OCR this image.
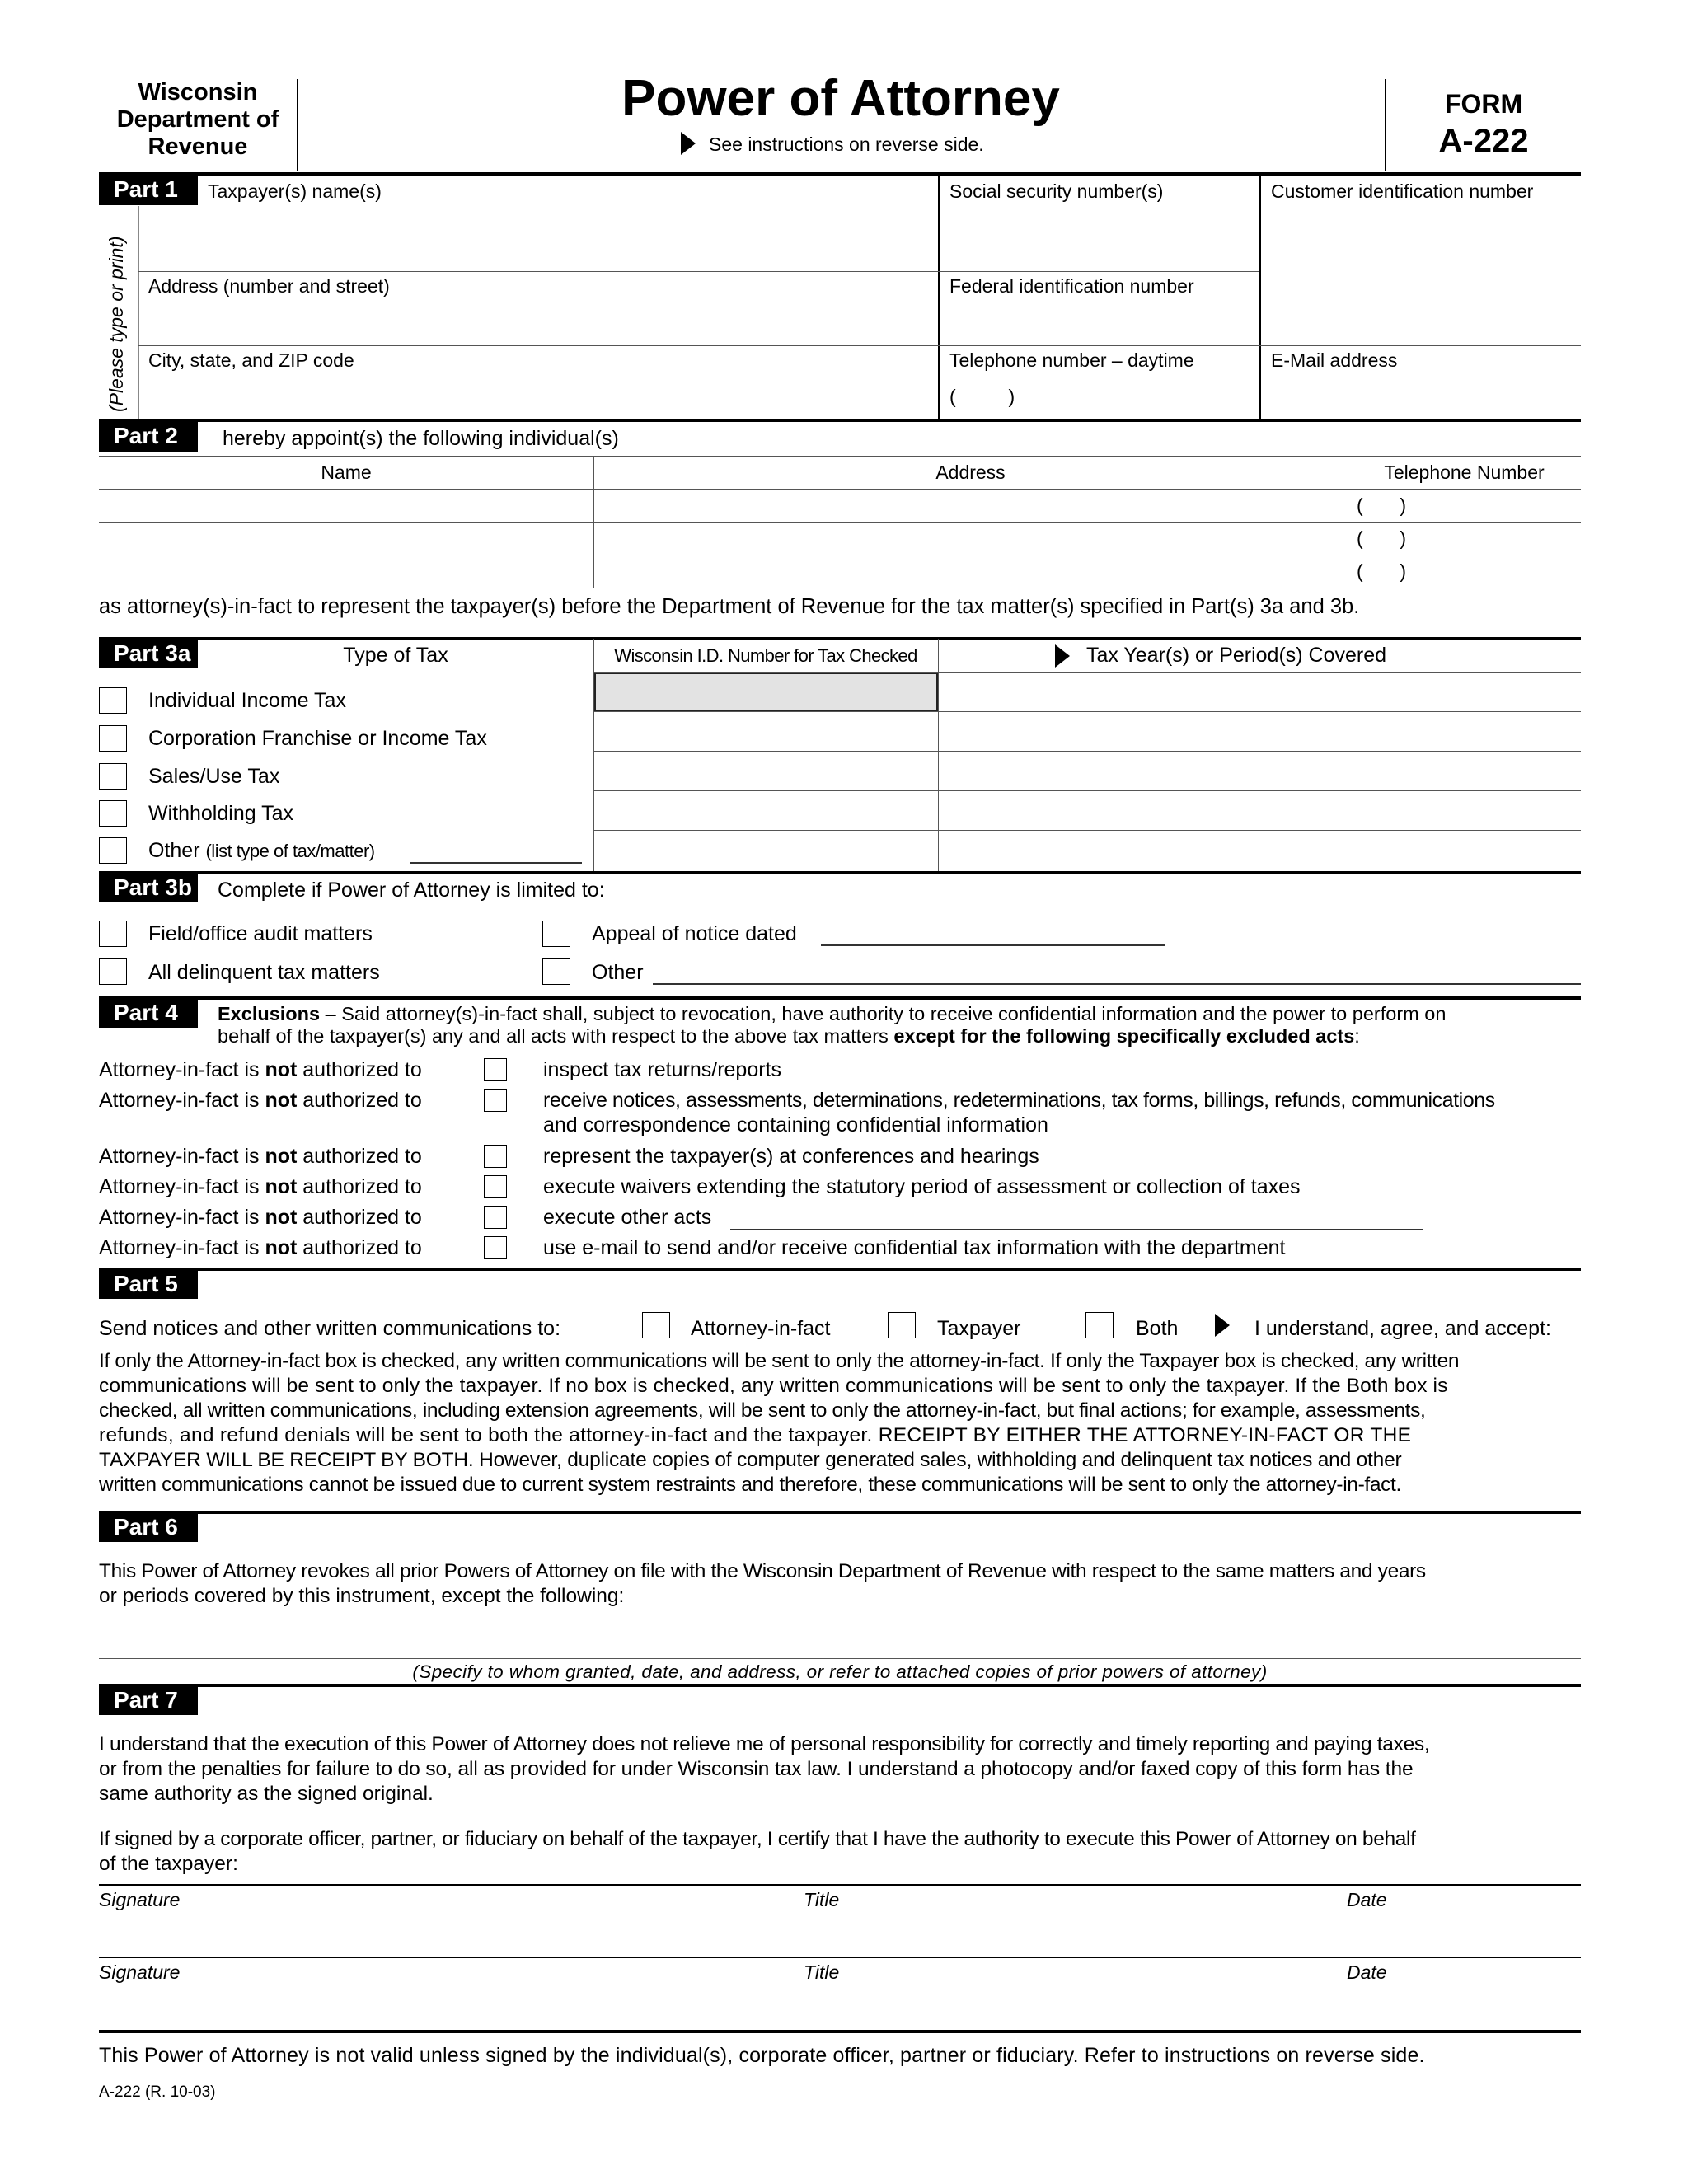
Wisconsin
Department of
Revenue
Power of Attorney
See instructions on reverse side.
FORM
A-222
Part 1
(Please type or print)
Taxpayer(s) name(s)	Social security number(s)	Customer identification number
Address (number and street)	Federal identification number
City, state, and ZIP code	Telephone number – daytime
(          )
E-Mail address
Part 2	hereby appoint(s) the following individual(s)
Name	Address	Telephone Number
(       )
(       )
(       )
as attorney(s)-in-fact to represent the taxpayer(s) before the Department of Revenue for the tax matter(s) specified in Part(s) 3a and 3b.
Part 3a	Type of Tax	Wisconsin I.D. Number for Tax Checked	Tax Year(s) or Period(s) Covered
Individual Income Tax
Corporation Franchise or Income Tax
Sales/Use Tax
Withholding Tax
Other (list type of tax/matter)
Part 3b Complete if Power of Attorney is limited to:
Field/office audit matters	Appeal of notice dated
All delinquent tax matters	Other
Part 4	Exclusions – Said attorney(s)-in-fact shall, subject to revocation, have authority to receive confidential information and the power to perform on
behalf of the taxpayer(s) any and all acts with respect to the above tax matters except for the following specifically excluded acts:
Attorney-in-fact is not authorized to	inspect tax returns/reports
Attorney-in-fact is not authorized to	receive notices, assessments, determinations, redeterminations, tax forms, billings, refunds, communications
and correspondence containing confidential information
Attorney-in-fact is not authorized to	represent the taxpayer(s) at conferences and hearings
Attorney-in-fact is not authorized to	execute waivers extending the statutory period of assessment or collection of taxes
Attorney-in-fact is not authorized to	execute other acts
Attorney-in-fact is not authorized to	use e-mail to send and/or receive confidential tax information with the department
Part 5
Send notices and other written communications to:	Attorney-in-fact	Taxpayer	Both	I understand, agree, and accept:
If only the Attorney-in-fact box is checked, any written communications will be sent to only the attorney-in-fact. If only the Taxpayer box is checked, any written
communications will be sent to only the taxpayer. If no box is checked, any written communications will be sent to only the taxpayer. If the Both box is
checked, all written communications, including extension agreements, will be sent to only the attorney-in-fact, but final actions; for example, assessments,
refunds, and refund denials will be sent to both the attorney-in-fact and the taxpayer. RECEIPT BY EITHER THE ATTORNEY-IN-FACT OR THE
TAXPAYER WILL BE RECEIPT BY BOTH. However, duplicate copies of computer generated sales, withholding and delinquent tax notices and other
written communications cannot be issued due to current system restraints and therefore, these communications will be sent to only the attorney-in-fact.
Part 6
This Power of Attorney revokes all prior Powers of Attorney on file with the Wisconsin Department of Revenue with respect to the same matters and years
or periods covered by this instrument, except the following:
(Specify to whom granted, date, and address, or refer to attached copies of prior powers of attorney)
Part 7
I understand that the execution of this Power of Attorney does not relieve me of personal responsibility for correctly and timely reporting and paying taxes,
or from the penalties for failure to do so, all as provided for under Wisconsin tax law. I understand a photocopy and/or faxed copy of this form has the
same authority as the signed original.
If signed by a corporate officer, partner, or fiduciary on behalf of the taxpayer, I certify that I have the authority to execute this Power of Attorney on behalf
of the taxpayer:
Signature	Title	Date
Signature	Title	Date
This Power of Attorney is not valid unless signed by the individual(s), corporate officer, partner or fiduciary. Refer to instructions on reverse side.
A-222 (R. 10-03)
